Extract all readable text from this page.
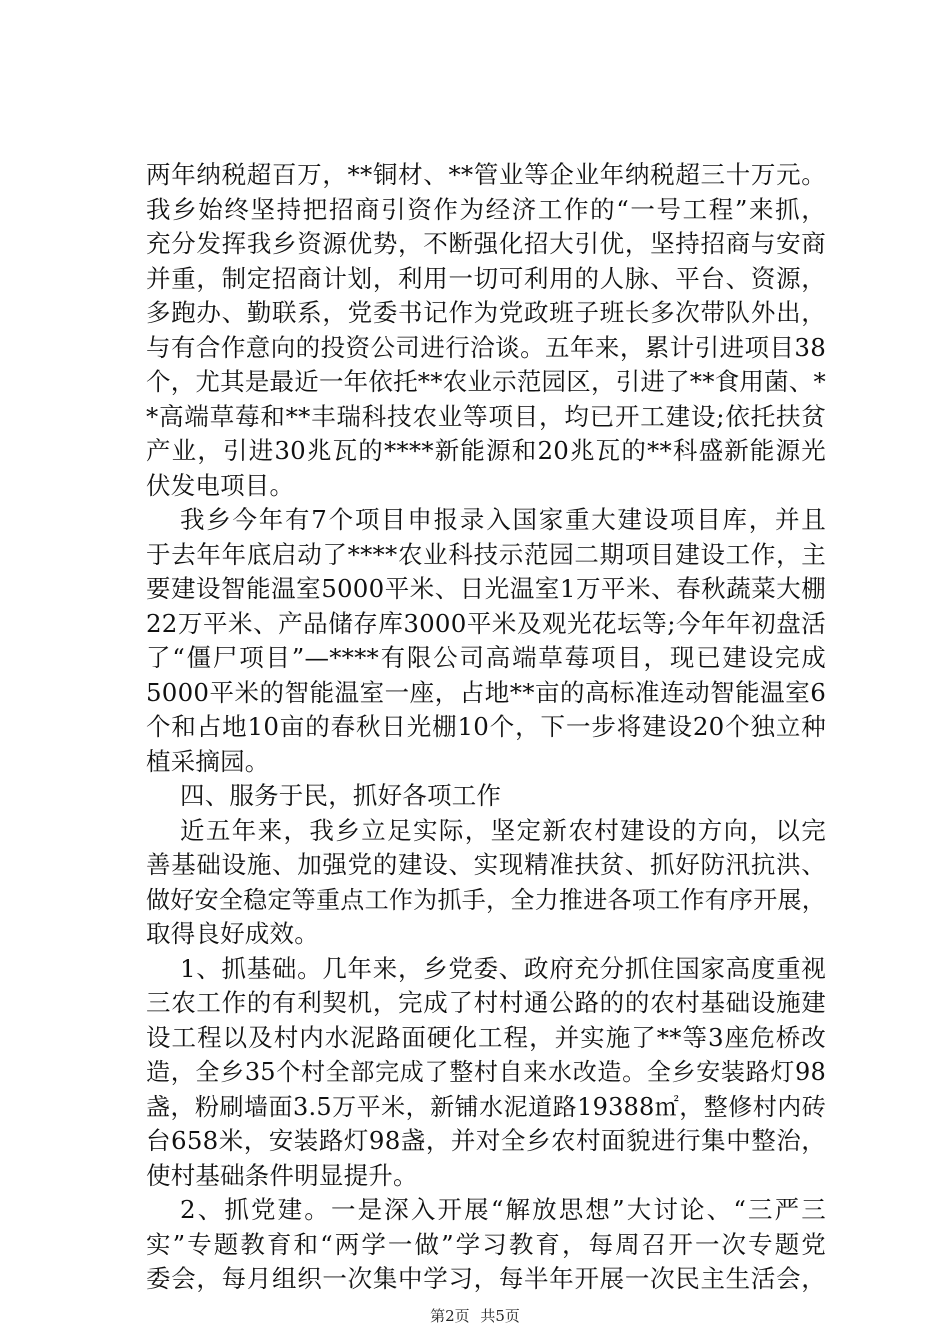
两年纳税超百万，**铜材、**管业等企业年纳税超三十万元。
我乡始终坚持把招商引资作为经济工作的“一号工程”来抓，
充分发挥我乡资源优势，不断强化招大引优，坚持招商与安商
并重，制定招商计划，利用一切可利用的人脉、平台、资源，
多跑办、勤联系，党委书记作为党政班子班长多次带队外出，
与有合作意向的投资公司进行洽谈。五年来，累计引进项目38
个，尤其是最近一年依托**农业示范园区，引进了**食用菌、*
*高端草莓和**丰瑞科技农业等项目，均已开工建设;依托扶贫
产业，引进30兆瓦的****新能源和20兆瓦的**科盛新能源光
伏发电项目。
我乡今年有7个项目申报录入国家重大建设项目库，并且
于去年年底启动了****农业科技示范园二期项目建设工作，主
要建设智能温室5000平米、日光温室1万平米、春秋蔬菜大棚
22万平米、产品储存库3000平米及观光花坛等;今年年初盘活
了“僵尸项目”—****有限公司高端草莓项目，现已建设完成
5000平米的智能温室一座，占地**亩的高标准连动智能温室6
个和占地10亩的春秋日光棚10个，下一步将建设20个独立种
植采摘园。
四、服务于民，抓好各项工作
近五年来，我乡立足实际，坚定新农村建设的方向，以完
善基础设施、加强党的建设、实现精准扶贫、抓好防汛抗洪、
做好安全稳定等重点工作为抓手，全力推进各项工作有序开展，
取得良好成效。
1、抓基础。几年来，乡党委、政府充分抓住国家高度重视
三农工作的有利契机，完成了村村通公路的的农村基础设施建
设工程以及村内水泥路面硬化工程，并实施了**等3座危桥改
造，全乡35个村全部完成了整村自来水改造。全乡安装路灯98
盏，粉刷墙面3.5万平米，新铺水泥道路19388㎡，整修村内砖
台658米，安装路灯98盏，并对全乡农村面貌进行集中整治，
使村基础条件明显提升。
2、抓党建。一是深入开展“解放思想”大讨论、“三严三
实”专题教育和“两学一做”学习教育，每周召开一次专题党
委会，每月组织一次集中学习，每半年开展一次民主生活会，
第2页 共5页
